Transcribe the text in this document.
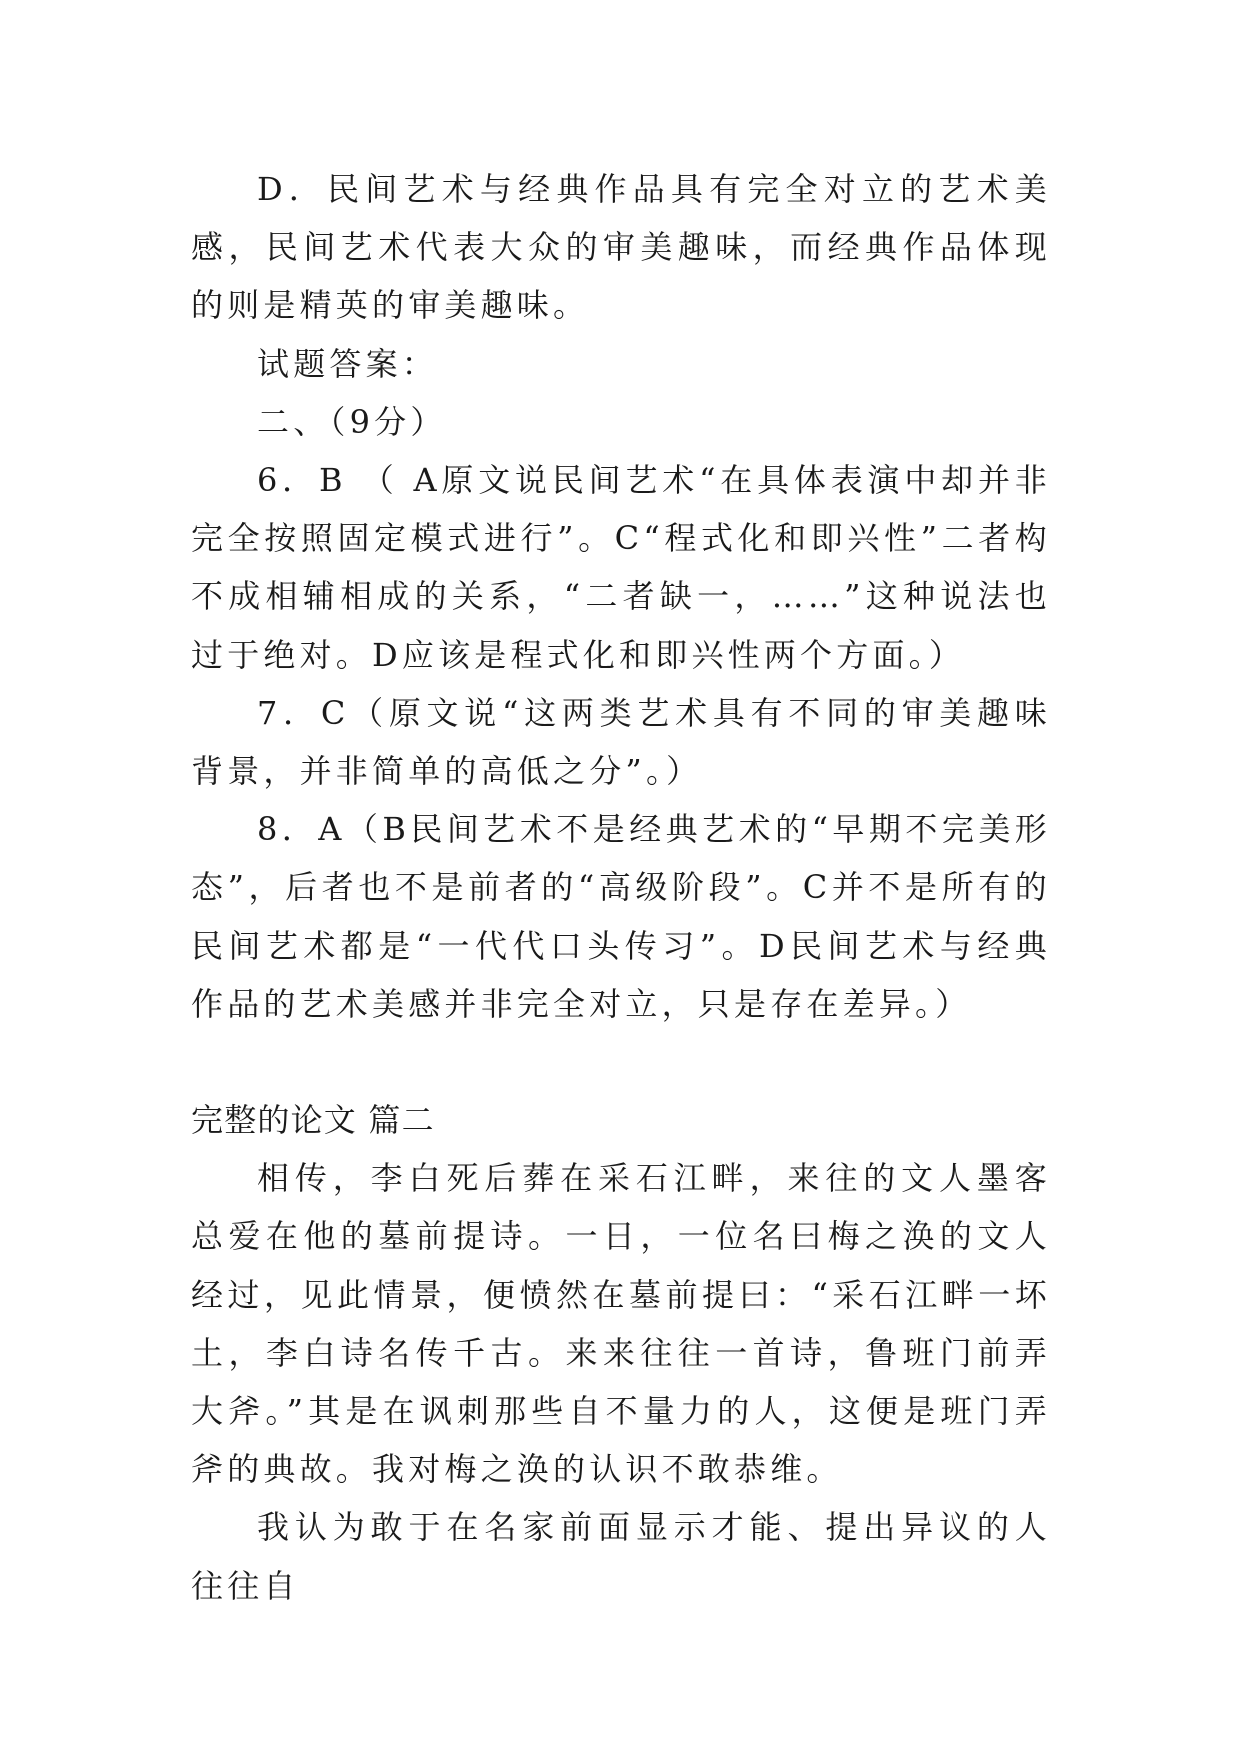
D．民间艺术与经典作品具有完全对立的艺术美感，民间艺术代表大众的审美趣味，而经典作品体现的则是精英的审美趣味。

试题答案：

二、（9分）

6．B （ A原文说民间艺术“在具体表演中却并非完全按照固定模式进行”。C“程式化和即兴性”二者构不成相辅相成的关系，“二者缺一，……”这种说法也过于绝对。D应该是程式化和即兴性两个方面。）

7．C（原文说“这两类艺术具有不同的审美趣味背景，并非简单的高低之分”。）

8．A（B民间艺术不是经典艺术的“早期不完美形态”，后者也不是前者的“高级阶段”。C并不是所有的民间艺术都是“一代代口头传习”。D民间艺术与经典作品的艺术美感并非完全对立，只是存在差异。）

完整的论文 篇二

相传，李白死后葬在采石江畔，来往的文人墨客总爱在他的墓前提诗。一日，一位名曰梅之涣的文人经过，见此情景，便愤然在墓前提曰：“采石江畔一坏土，李白诗名传千古。来来往往一首诗，鲁班门前弄大斧。”其是在讽刺那些自不量力的人，这便是班门弄斧的典故。我对梅之涣的认识不敢恭维。

我认为敢于在名家前面显示才能、提出异议的人往往自
